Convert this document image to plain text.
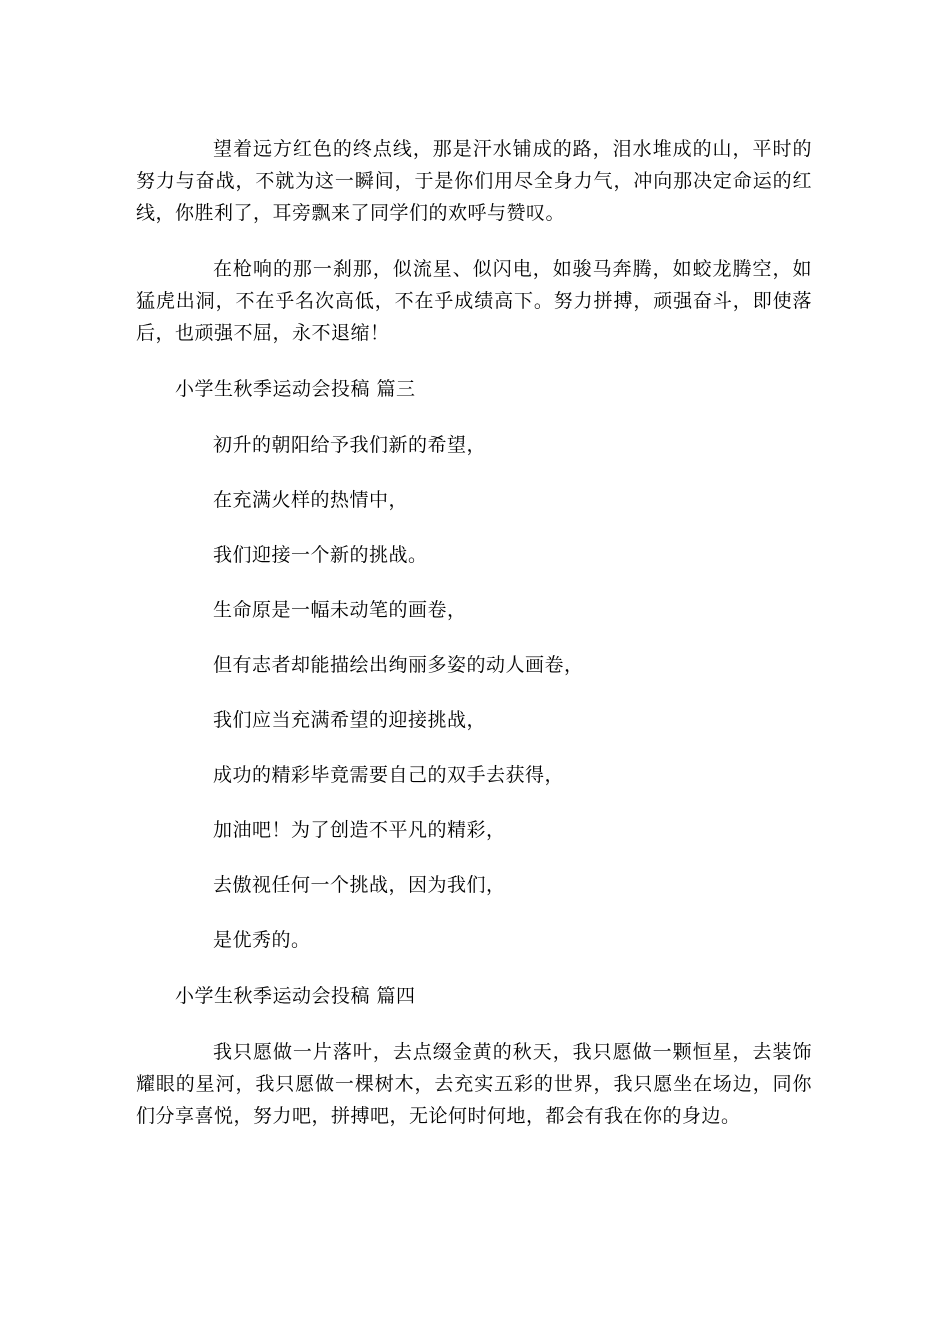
望着远方红色的终点线，那是汗水铺成的路，泪水堆成的山，平时的努力与奋战，不就为这一瞬间，于是你们用尽全身力气，冲向那决定命运的红线，你胜利了，耳旁飘来了同学们的欢呼与赞叹。

在枪响的那一刹那，似流星、似闪电，如骏马奔腾，如蛟龙腾空，如猛虎出洞，不在乎名次高低，不在乎成绩高下。努力拼搏，顽强奋斗，即使落后，也顽强不屈，永不退缩！

小学生秋季运动会投稿 篇三

初升的朝阳给予我们新的希望，

在充满火样的热情中，

我们迎接一个新的挑战。

生命原是一幅未动笔的画卷，

但有志者却能描绘出绚丽多姿的动人画卷，

我们应当充满希望的迎接挑战，

成功的精彩毕竟需要自己的双手去获得，

加油吧！为了创造不平凡的精彩，

去傲视任何一个挑战，因为我们，

是优秀的。

小学生秋季运动会投稿 篇四

我只愿做一片落叶，去点缀金黄的秋天，我只愿做一颗恒星，去装饰耀眼的星河，我只愿做一棵树木，去充实五彩的世界，我只愿坐在场边，同你们分享喜悦，努力吧，拼搏吧，无论何时何地，都会有我在你的身边。
